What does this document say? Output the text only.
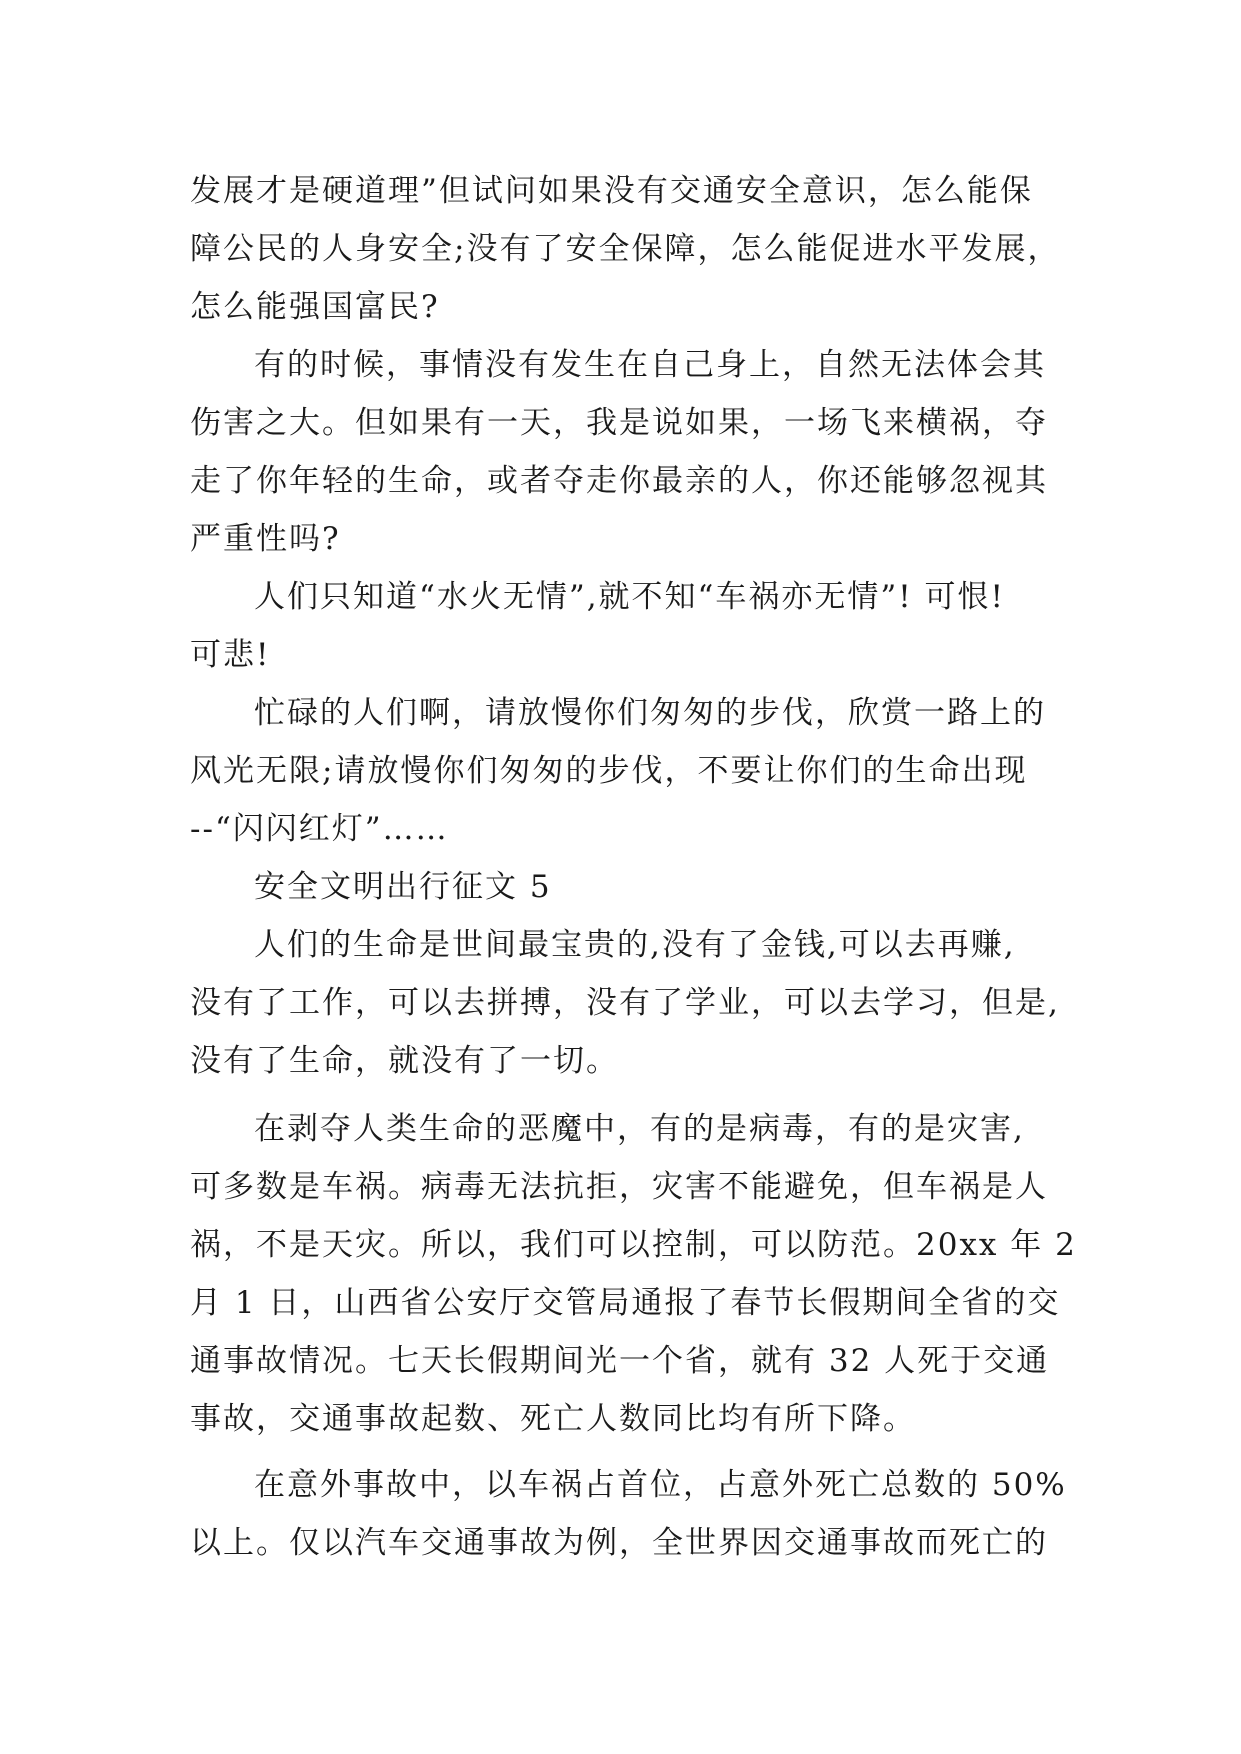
发展才是硬道理”但试问如果没有交通安全意识，怎么能保
障公民的人身安全;没有了安全保障，怎么能促进水平发展，
怎么能强国富民?

有的时候，事情没有发生在自己身上，自然无法体会其
伤害之大。但如果有一天，我是说如果，一场飞来横祸，夺
走了你年轻的生命，或者夺走你最亲的人，你还能够忽视其
严重性吗?

人们只知道“水火无情”,就不知“车祸亦无情”! 可恨!
可悲!

忙碌的人们啊，请放慢你们匆匆的步伐，欣赏一路上的
风光无限;请放慢你们匆匆的步伐，不要让你们的生命出现
--“闪闪红灯”……

安全文明出行征文 5

人们的生命是世间最宝贵的,没有了金钱,可以去再赚,
没有了工作，可以去拼搏，没有了学业，可以去学习，但是,
没有了生命，就没有了一切。

在剥夺人类生命的恶魔中，有的是病毒，有的是灾害,
可多数是车祸。病毒无法抗拒，灾害不能避免，但车祸是人
祸，不是天灾。所以，我们可以控制，可以防范。20xx 年 2
月 1 日，山西省公安厅交管局通报了春节长假期间全省的交
通事故情况。七天长假期间光一个省，就有 32 人死于交通
事故，交通事故起数、死亡人数同比均有所下降。

在意外事故中，以车祸占首位，占意外死亡总数的 50%
以上。仅以汽车交通事故为例，全世界因交通事故而死亡的
